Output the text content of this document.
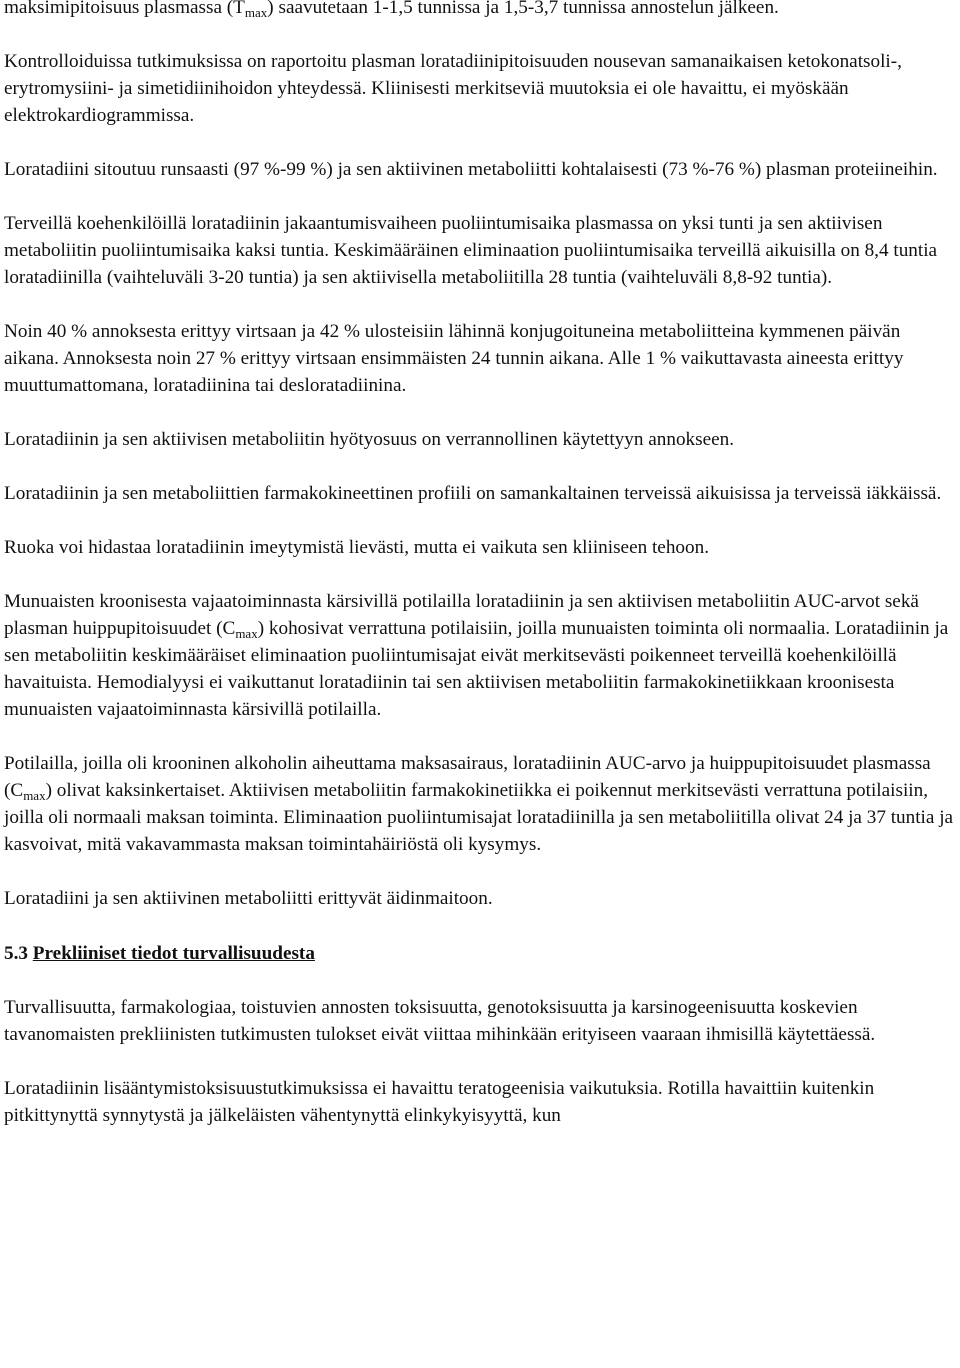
maksimipitoisuus plasmassa $(T_{max})$ saavutetaan 1-1,5 tunnissa ja 1,5-3,7 tunnissa annostelun jälkeen.

Kontrolloiduissa tutkimuksissa on raportoitu plasman loratadiinipitoisuuden nousevan samanaikaisen ketokonatsoli-, erytromysiini- ja simetidiinihoidon yhteydessä. Kliinisesti merkitseviä muutoksia ei ole havaittu, ei myöskään elektrokardiogrammissa.

Loratadiini sitoutuu runsaasti (97 %-99 %) ja sen aktiivinen metaboliitti kohtalaisesti (73 %-76 %) plasman proteiineihin.

Terveillä koehenkilöillä loratadiinin jakaantumisvaiheen puoliintumisaika plasmassa on yksi tunti ja sen aktiivisen metaboliitin puoliintumisaika kaksi tuntia. Keskimääräinen eliminaation puoliintumisaika terveillä aikuisilla on 8,4 tuntia loratadiinilla (vaihteluväli 3-20 tuntia) ja sen aktiivisella metaboliitilla 28 tuntia (vaihteluväli 8,8-92 tuntia).

Noin 40 % annoksesta erittyy virtsaan ja 42 % ulosteisiin lähinnä konjugoituneina metaboliitteina kymmenen päivän aikana. Annoksesta noin 27 % erittyy virtsaan ensimmäisten 24 tunnin aikana. Alle 1 % vaikuttavasta aineesta erittyy muuttumattomana, loratadiinina tai desloratadiinina.

Loratadiinin ja sen aktiivisen metaboliitin hyötyosuus on verrannollinen käytettyyn annokseen.

Loratadiinin ja sen metaboliittien farmakokineettinen profiili on samankaltainen terveissä aikuisissa ja terveissä iäkkäissä.

Ruoka voi hidastaa loratadiinin imeytymistä lievästi, mutta ei vaikuta sen kliiniseen tehoon.

Munuaisten kroonisesta vajaatoiminnasta kärsivillä potilailla loratadiinin ja sen aktiivisen metaboliitin AUC-arvot sekä plasman huippupitoisuudet $(C_{max})$ kohosivat verrattuna potilaisiin, joilla munuaisten toiminta oli normaalia. Loratadiinin ja sen metaboliitin keskimääräiset eliminaation puoliintumisajat eivät merkitsevästi poikenneet terveillä koehenkilöillä havaituista. Hemodialyysi ei vaikuttanut loratadiinin tai sen aktiivisen metaboliitin farmakokinetiikkaan kroonisesta munuaisten vajaatoiminnasta kärsivillä potilailla.

Potilailla, joilla oli krooninen alkoholin aiheuttama maksasairaus, loratadiinin AUC-arvo ja huippupitoisuudet plasmassa $(C_{max})$ olivat kaksinkertaiset. Aktiivisen metaboliitin farmakokinetiikka ei poikennut merkitsevästi verrattuna potilaisiin, joilla oli normaali maksan toiminta. Eliminaation puoliintumisajat loratadiinilla ja sen metaboliitilla olivat 24 ja 37 tuntia ja kasvoivat, mitä vakavammasta maksan toimintahäiriöstä oli kysymys.

Loratadiini ja sen aktiivinen metaboliitti erittyvät äidinmaitoon.

5.3 Prekliiniset tiedot turvallisuudesta

Turvallisuutta, farmakologiaa, toistuvien annosten toksisuutta, genotoksisuutta ja karsinogeenisuutta koskevien tavanomaisten prekliinisten tutkimusten tulokset eivät viittaa mihinkään erityiseen vaaraan ihmisillä käytettäessä.

Loratadiinin lisääntymistoksisuustutkimuksissa ei havaittu teratogeenisia vaikutuksia. Rotilla havaittiin kuitenkin pitkittynyttä synnytystä ja jälkeläisten vähentynyttä elinkykyisyyttä, kun
